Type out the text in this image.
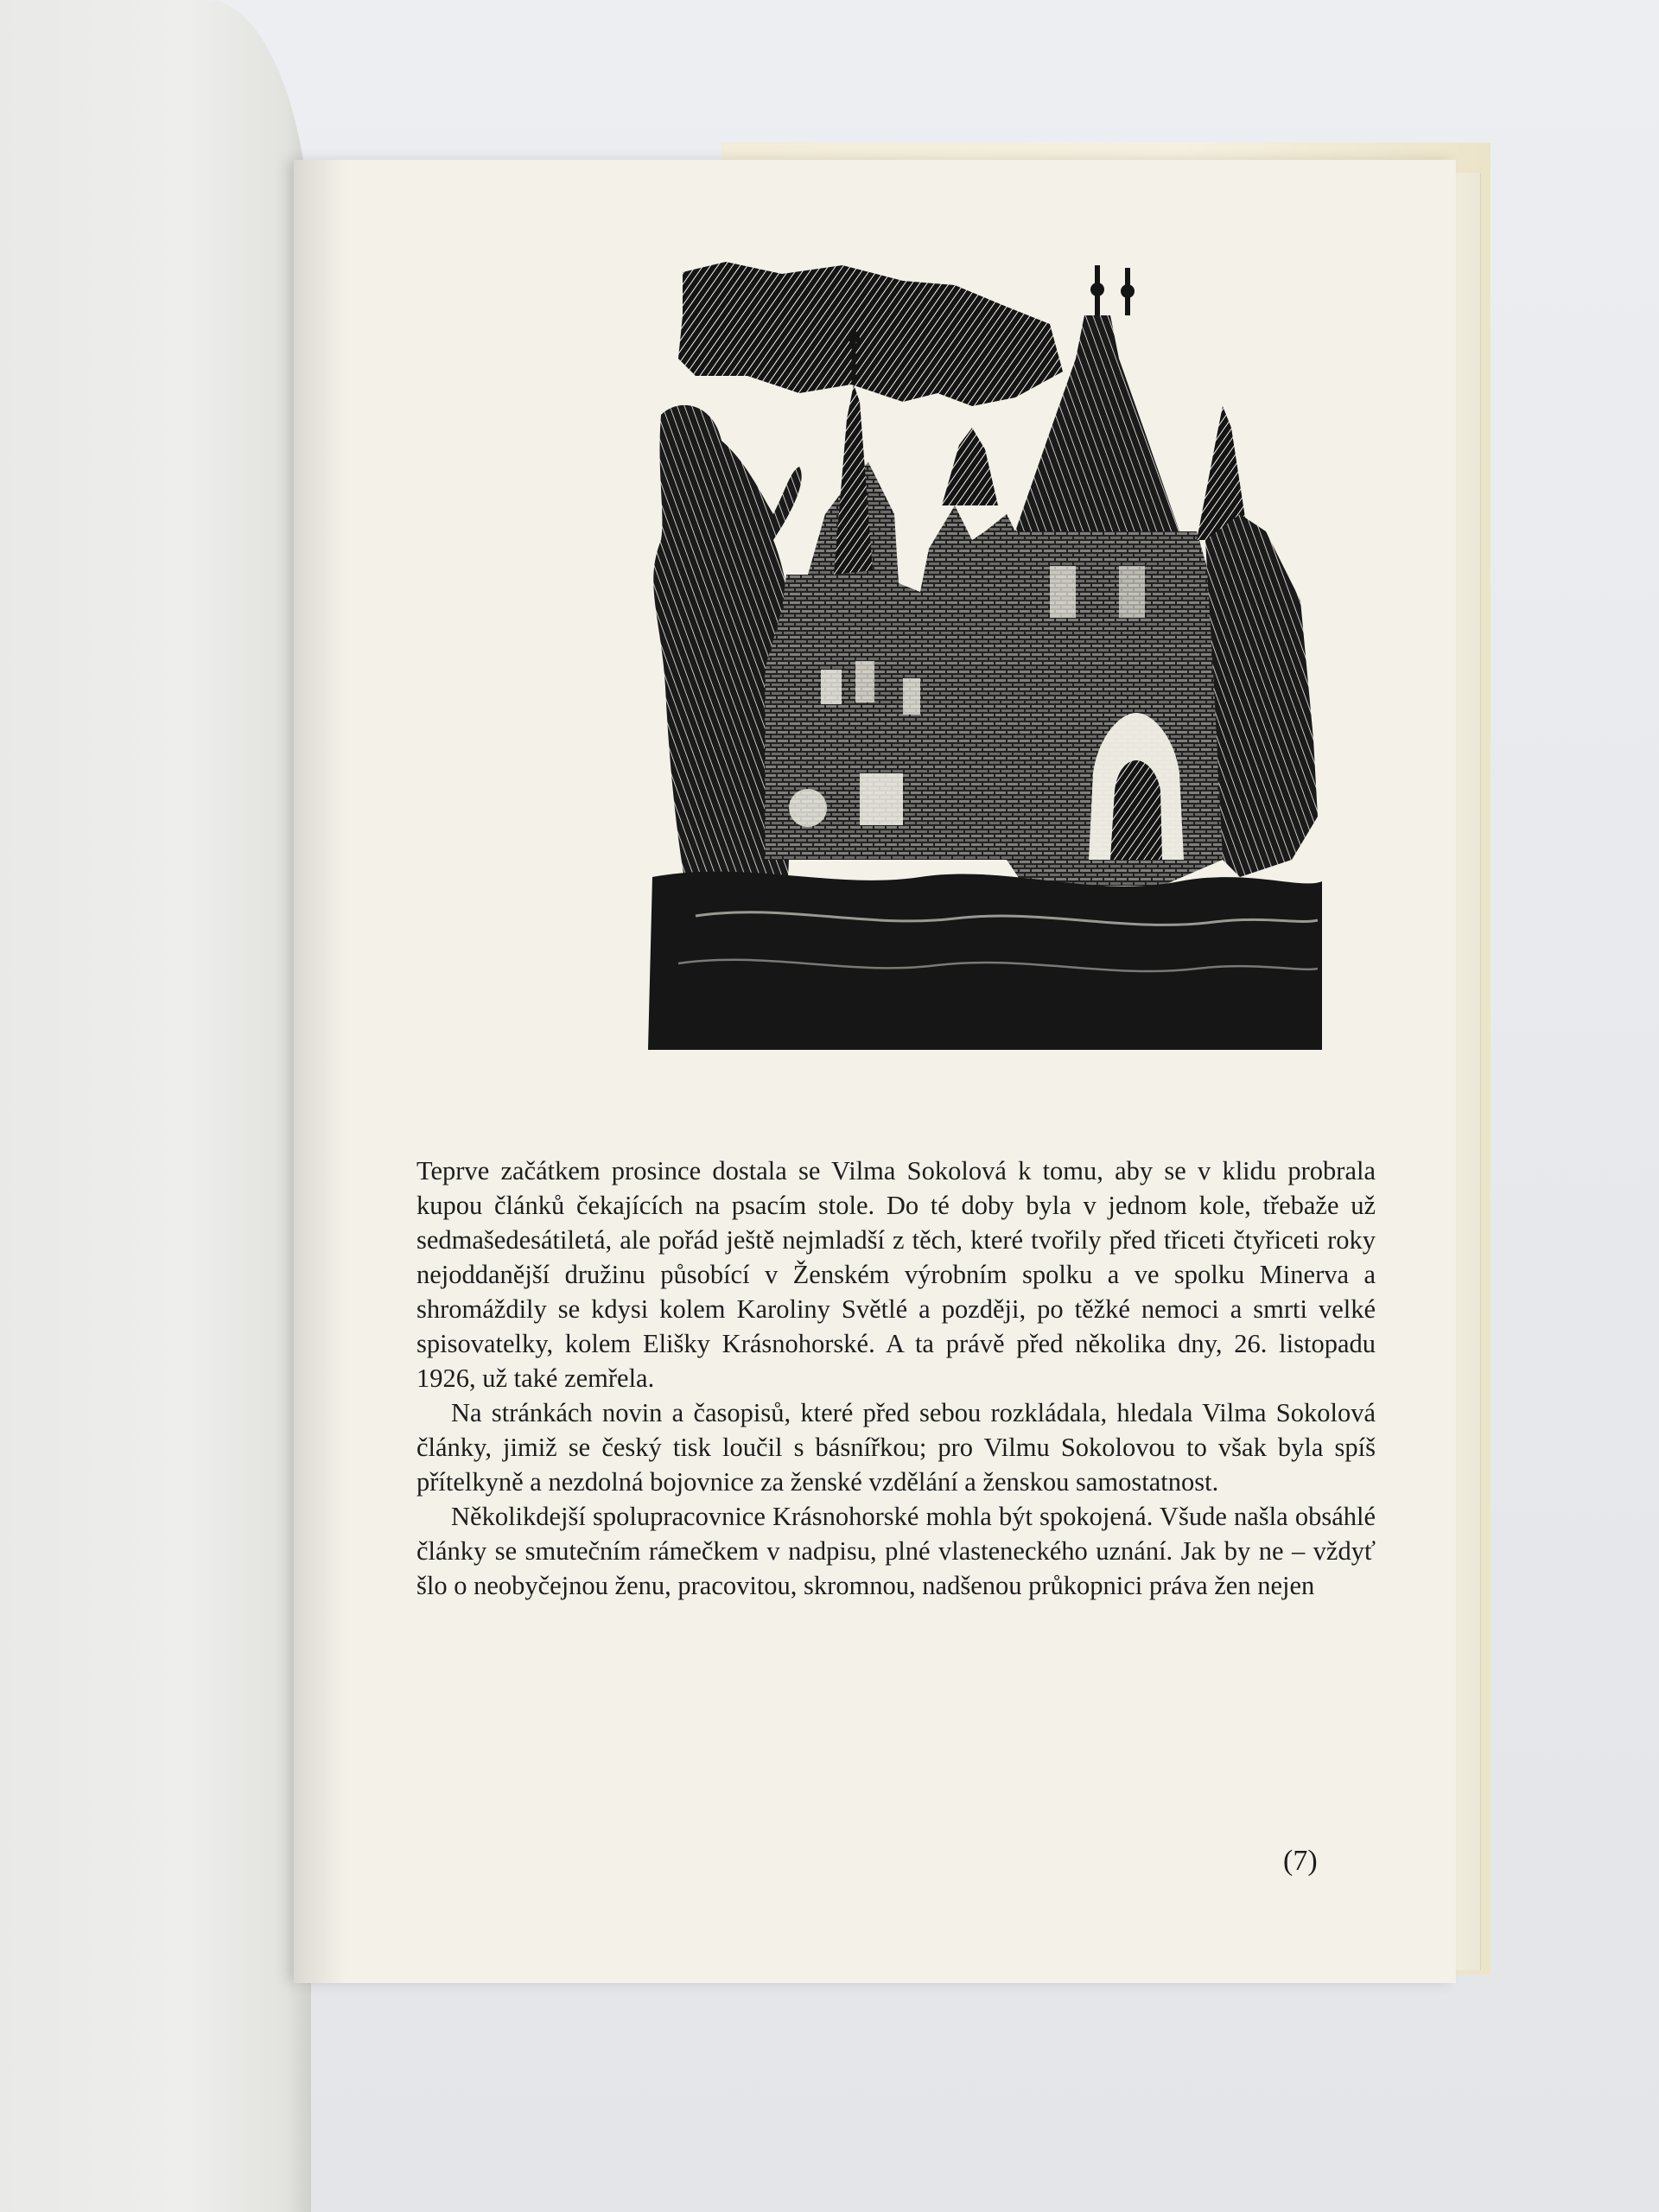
Teprve začátkem prosince dostala se Vilma Sokolová k tomu, aby se v klidu probrala kupou článků čekajících na psacím stole. Do té doby byla v jednom kole, třebaže už sedmašedesátiletá, ale pořád ještě nejmladší z těch, které tvořily před třiceti čtyřiceti roky nejoddanější družinu působící v Ženském výrobním spolku a ve spolku Minerva a shromáždily se kdysi kolem Karoliny Světlé a později, po těžké nemoci a smrti velké spisovatelky, kolem Elišky Krásnohorské. A ta právě před několika dny, 26. listopadu 1926, už také zemřela.

Na stránkách novin a časopisů, které před sebou rozkládala, hledala Vilma Sokolová články, jimiž se český tisk loučil s básnířkou; pro Vilmu Sokolovou to však byla spíš přítelkyně a nezdolná bojovnice za ženské vzdělání a ženskou samostatnost.

Několikdejší spolupracovnice Krásnohorské mohla být spokojená. Všude našla obsáhlé články se smutečním rámečkem v nadpisu, plné vlasteneckého uznání. Jak by ne – vždyť šlo o neobyčejnou ženu, pracovitou, skromnou, nadšenou průkopnici práva žen nejen

(7)
